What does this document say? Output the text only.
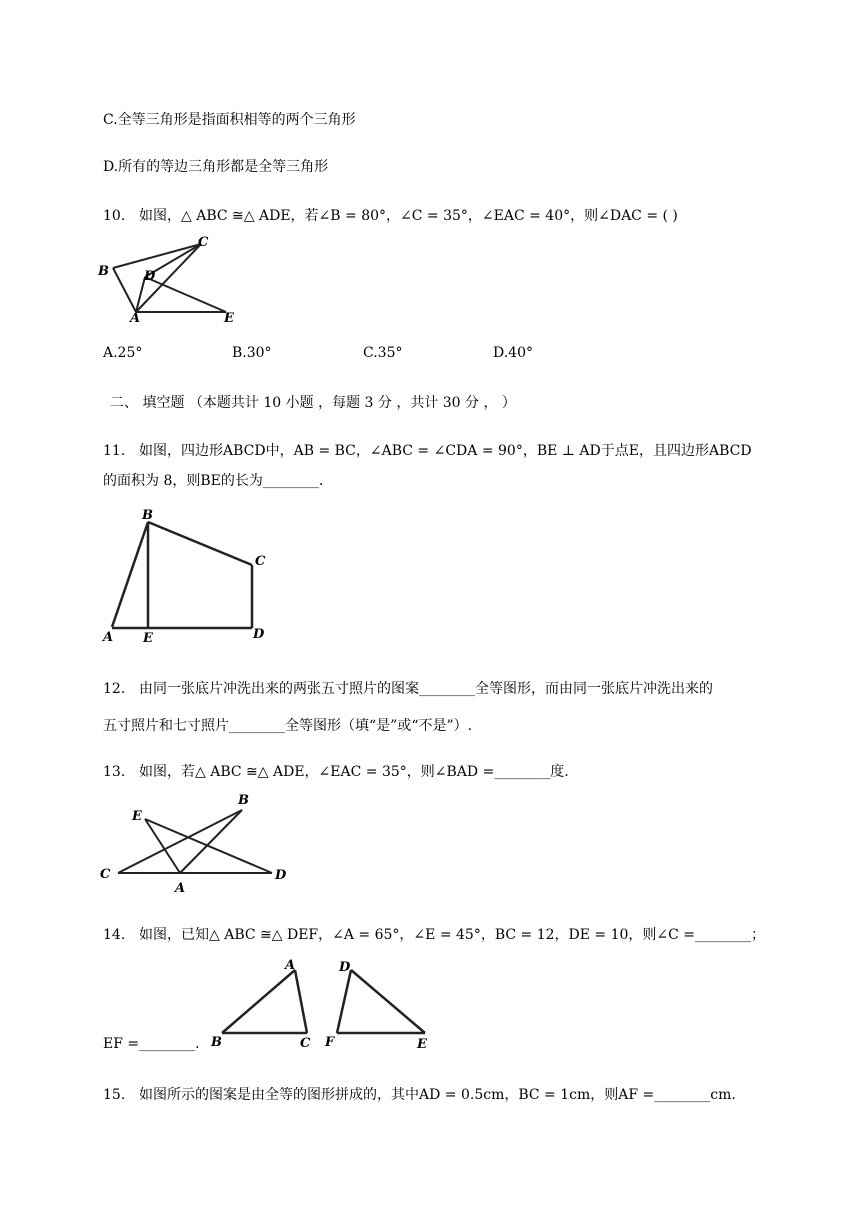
C.全等三角形是指面积相等的两个三角形
D.所有的等边三角形都是全等三角形
10. 如图，△ ABC ≅△ ADE，若∠B = 80°，∠C = 35°，∠EAC = 40°，则∠DAC = ( )
B
C
D
A	E
A.25°	B.30°	C.35°	D.40°
二、 填空题 （本题共计 10 小题 ，每题 3 分 ，共计 30 分 ， ）
11. 如图，四边形ABCD中，AB = BC，∠ABC = ∠CDA = 90°，BE ⊥ AD于点E，且四边形ABCD
的面积为 8，则BE的长为________.
B
C
A E	D
12. 由同一张底片冲洗出来的两张五寸照片的图案________全等图形，而由同一张底片冲洗出来的
五寸照片和七寸照片________全等图形（填“是”或“不是”）.
13. 如图，若△ ABC ≅△ ADE，∠EAC = 35°，则∠BAD =________度.
B
E
C
A
D
14. 如图，已知△ ABC ≅△ DEF，∠A = 65°，∠E = 45°，BC = 12，DE = 10，则∠C =________；
A
B	C
D
F	E
EF =________.
15. 如图所示的图案是由全等的图形拼成的，其中AD = 0.5cm，BC = 1cm，则AF =________cm.
